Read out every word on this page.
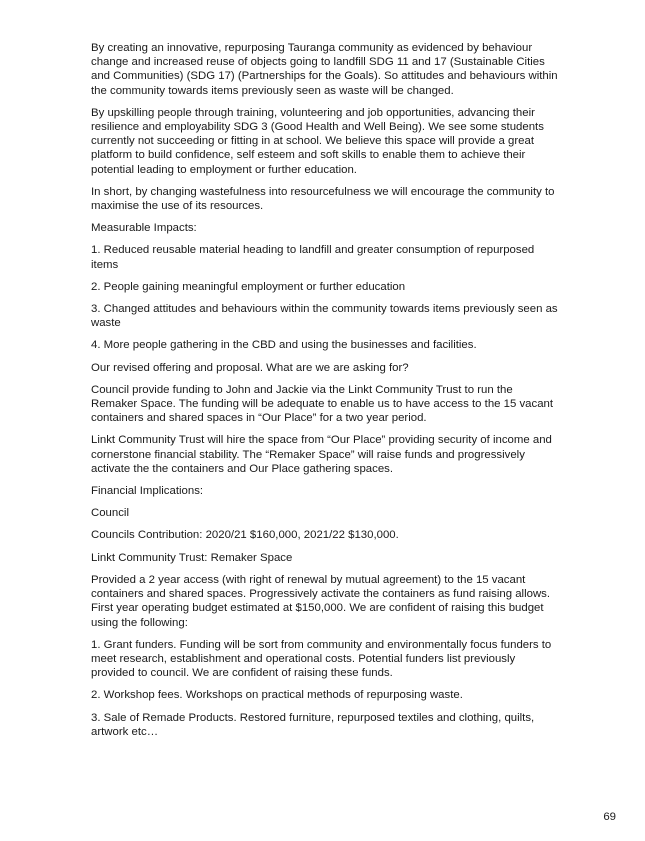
By creating an innovative, repurposing Tauranga community as evidenced by behaviour change and increased reuse of objects going to landfill SDG 11 and 17 (Sustainable Cities and Communities) (SDG 17) (Partnerships for the Goals). So attitudes and behaviours within the community towards items previously seen as waste will be changed.

By upskilling people through training, volunteering and job opportunities, advancing their resilience and employability SDG 3 (Good Health and Well Being). We see some students currently not succeeding or fitting in at school. We believe this space will provide a great platform to build confidence, self esteem and soft skills to enable them to achieve their potential leading to employment or further education.

In short, by changing wastefulness into resourcefulness we will encourage the community to maximise the use of its resources.

Measurable Impacts:

1. Reduced reusable material heading to landfill and greater consumption of repurposed items

2. People gaining meaningful employment or further education

3. Changed attitudes and behaviours within the community towards items previously seen as waste

4. More people gathering in the CBD and using the businesses and facilities.

Our revised offering and proposal. What are we are asking for?

Council provide funding to John and Jackie via the Linkt Community Trust to run the Remaker Space. The funding will be adequate to enable us to have access to the 15 vacant containers and shared spaces in “Our Place” for a two year period.

Linkt Community Trust will hire the space from “Our Place” providing security of income and cornerstone financial stability. The “Remaker Space” will raise funds and progressively activate the the containers and Our Place gathering spaces.

Financial Implications:

Council

Councils Contribution: 2020/21 $160,000, 2021/22 $130,000.

Linkt Community Trust: Remaker Space

Provided a 2 year access (with right of renewal by mutual agreement) to the 15 vacant containers and shared spaces. Progressively activate the containers as fund raising allows. First year operating budget estimated at $150,000. We are confident of raising this budget using the following:

1. Grant funders. Funding will be sort from community and environmentally focus funders to meet research, establishment and operational costs. Potential funders list previously provided to council. We are confident of raising these funds.

2. Workshop fees. Workshops on practical methods of repurposing waste.

3. Sale of Remade Products. Restored furniture, repurposed textiles and clothing, quilts, artwork etc…

69
